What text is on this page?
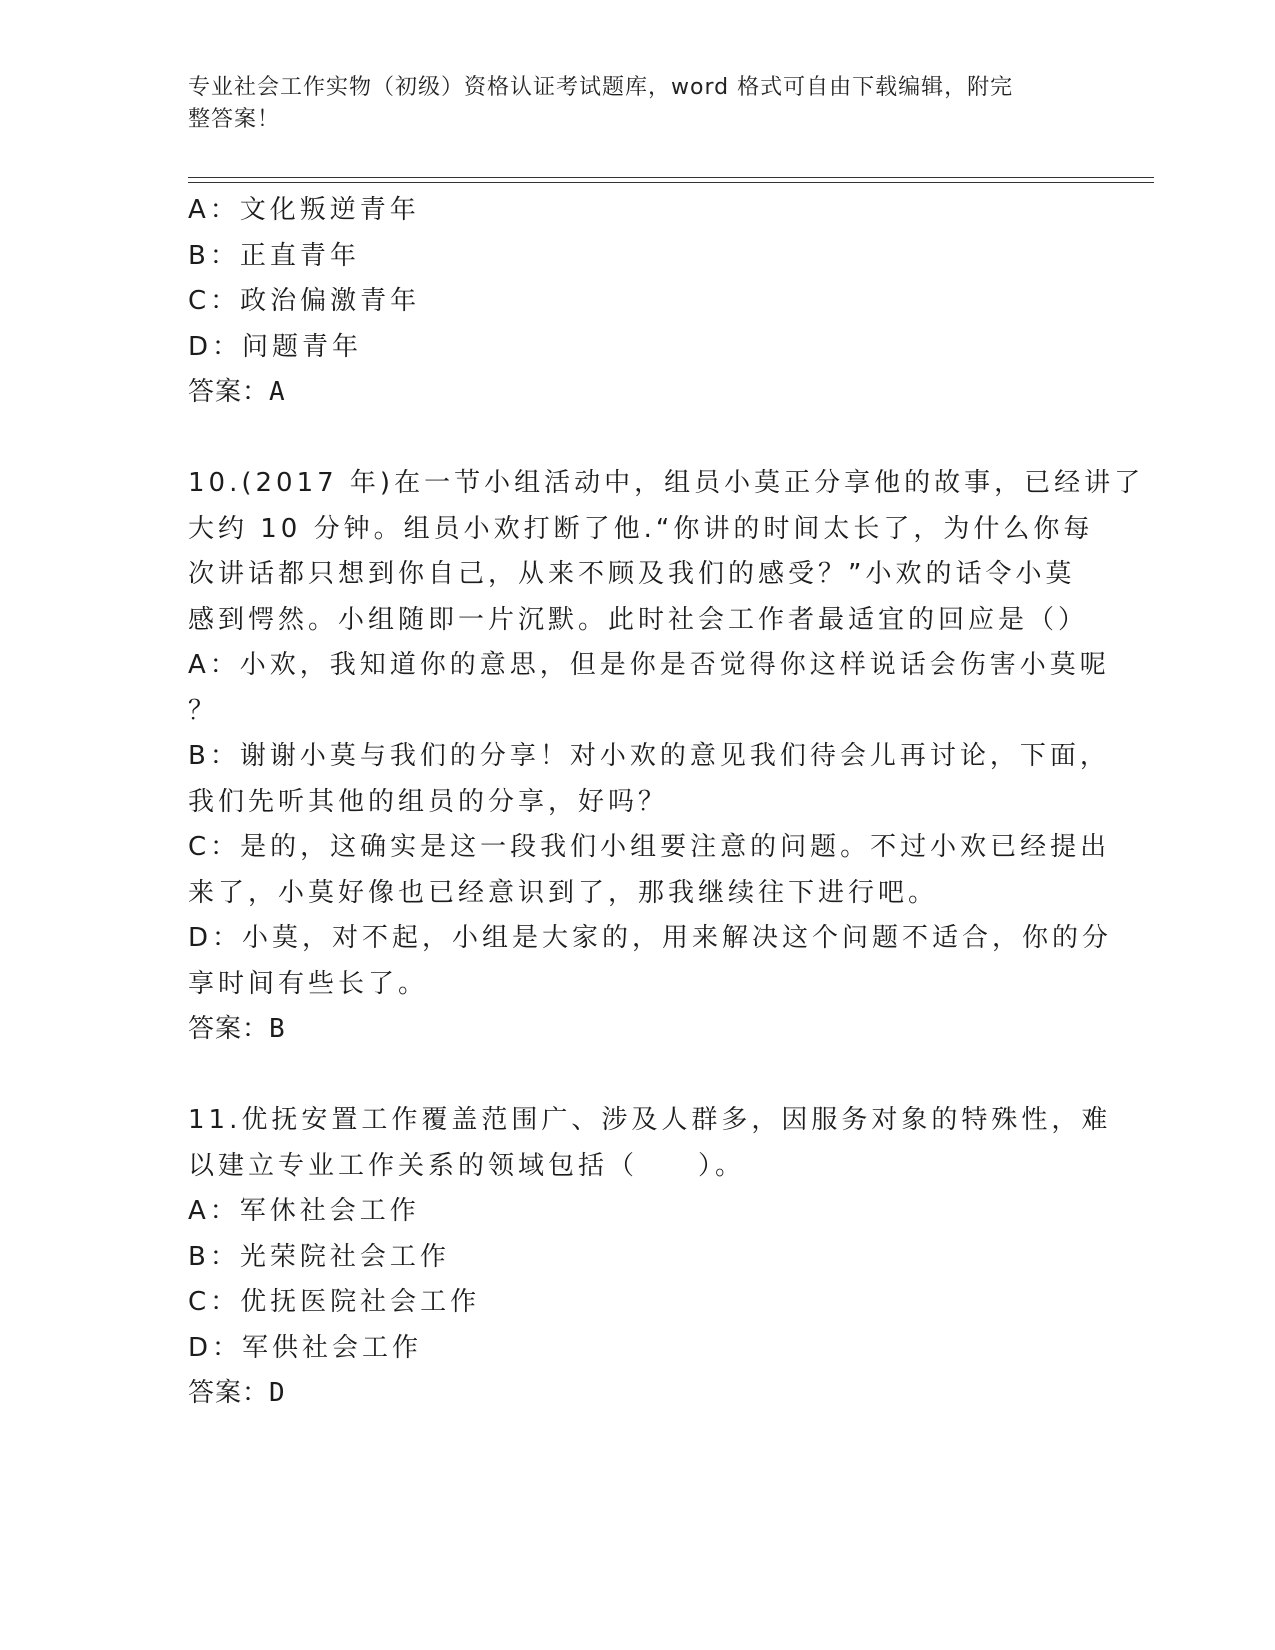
专业社会工作实物（初级）资格认证考试题库，word 格式可自由下载编辑，附完
整答案！
A：文化叛逆青年
B：正直青年
C：政治偏激青年
D：问题青年
答案：A
10.(2017 年)在一节小组活动中，组员小莫正分享他的故事，已经讲了
大约 10 分钟。组员小欢打断了他.“你讲的时间太长了，为什么你每
次讲话都只想到你自己，从来不顾及我们的感受？”小欢的话令小莫
感到愕然。小组随即一片沉默。此时社会工作者最适宜的回应是（）
A：小欢，我知道你的意思，但是你是否觉得你这样说话会伤害小莫呢
？
B：谢谢小莫与我们的分享！对小欢的意见我们待会儿再讨论，下面，
我们先听其他的组员的分享，好吗？
C：是的，这确实是这一段我们小组要注意的问题。不过小欢已经提出
来了，小莫好像也已经意识到了，那我继续往下进行吧。
D：小莫，对不起，小组是大家的，用来解决这个问题不适合，你的分
享时间有些长了。
答案：B
11.优抚安置工作覆盖范围广、涉及人群多，因服务对象的特殊性，难
以建立专业工作关系的领域包括（　　）。
A：军休社会工作
B：光荣院社会工作
C：优抚医院社会工作
D：军供社会工作
答案：D
